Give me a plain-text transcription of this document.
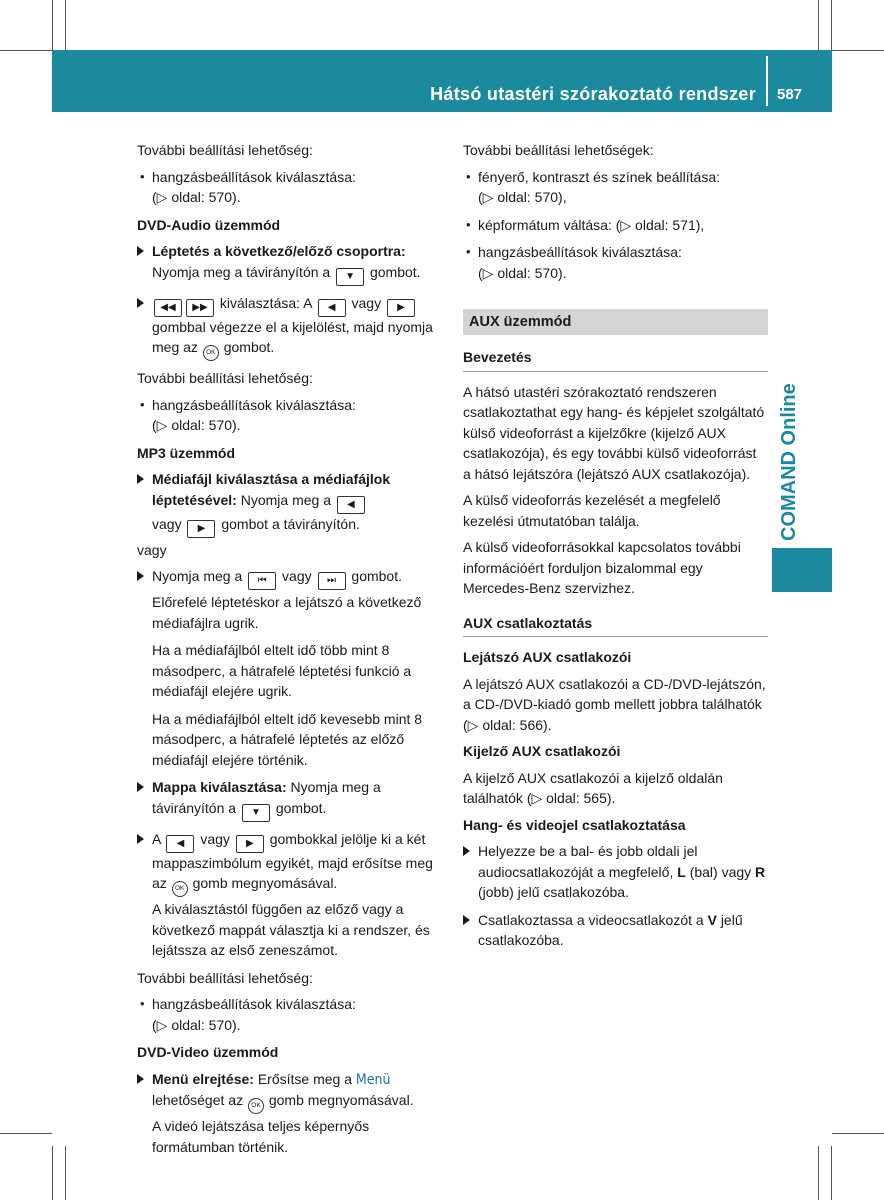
Hátsó utastéri szórakoztató rendszer 587
COMAND Online

További beállítási lehetőség:

• hangzásbeállítások kiválasztása:
(▷ oldal: 570).
DVD-Audio üzemmód
Léptetés a következő/előző csoportra:
Nyomja meg a távirányítón a ▼ gombot.
◀◀ ▶▶ kiválasztása: A ◀ vagy ▶ gombbal végezze el a kijelölést, majd nyomja meg az OK gombot.

További beállítási lehetőség:

• hangzásbeállítások kiválasztása:
(▷ oldal: 570).
MP3 üzemmód
Médiafájl kiválasztása a médiafájlok léptetésével: Nyomja meg a ◀
vagy ▶ gombot a távirányítón.

vagy

Nyomja meg a ⏮ vagy ⏭ gombot.
Előrefelé léptetéskor a lejátszó a következő médiafájlra ugrik.
Ha a médiafájlból eltelt idő több mint 8 másodperc, a hátrafelé léptetési funkció a médiafájl elejére ugrik.
Ha a médiafájlból eltelt idő kevesebb mint 8 másodperc, a hátrafelé léptetés az előző médiafájl elejére történik.
Mappa kiválasztása: Nyomja meg a távirányítón a ▼ gombot.
A ◀ vagy ▶ gombokkal jelölje ki a két mappaszimbólum egyikét, majd erősítse meg az OK gomb megnyomásával.
A kiválasztástól függően az előző vagy a következő mappát választja ki a rendszer, és lejátssza az első zeneszámot.

További beállítási lehetőség:

• hangzásbeállítások kiválasztása:
(▷ oldal: 570).
DVD-Video üzemmód
Menü elrejtése: Erősítse meg a Menü lehetőséget az OK gomb megnyomásával.
A videó lejátszása teljes képernyős formátumban történik.

További beállítási lehetőségek:

• fényerő, kontraszt és színek beállítása:
(▷ oldal: 570),
• képformátum váltása: (▷ oldal: 571),
• hangzásbeállítások kiválasztása:
(▷ oldal: 570).
AUX üzemmód
Bevezetés

A hátsó utastéri szórakoztató rendszeren csatlakoztathat egy hang- és képjelet szolgáltató külső videoforrást a kijelzőkre (kijelző AUX csatlakozója), és egy további külső videoforrást a hátsó lejátszóra (lejátszó AUX csatlakozója).

A külső videoforrás kezelését a megfelelő kezelési útmutatóban találja.

A külső videoforrásokkal kapcsolatos további információért forduljon bizalommal egy Mercedes-Benz szervizhez.

AUX csatlakoztatás
Lejátszó AUX csatlakozói

A lejátszó AUX csatlakozói a CD-/DVD-lejátszón, a CD-/DVD-kiadó gomb mellett jobbra találhatók (▷ oldal: 566).

Kijelző AUX csatlakozói

A kijelző AUX csatlakozói a kijelző oldalán találhatók (▷ oldal: 565).

Hang- és videojel csatlakoztatása
Helyezze be a bal- és jobb oldali jel audiocsatlakozóját a megfelelő, L (bal) vagy R (jobb) jelű csatlakozóba.
Csatlakoztassa a videocsatlakozót a V jelű csatlakozóba.
